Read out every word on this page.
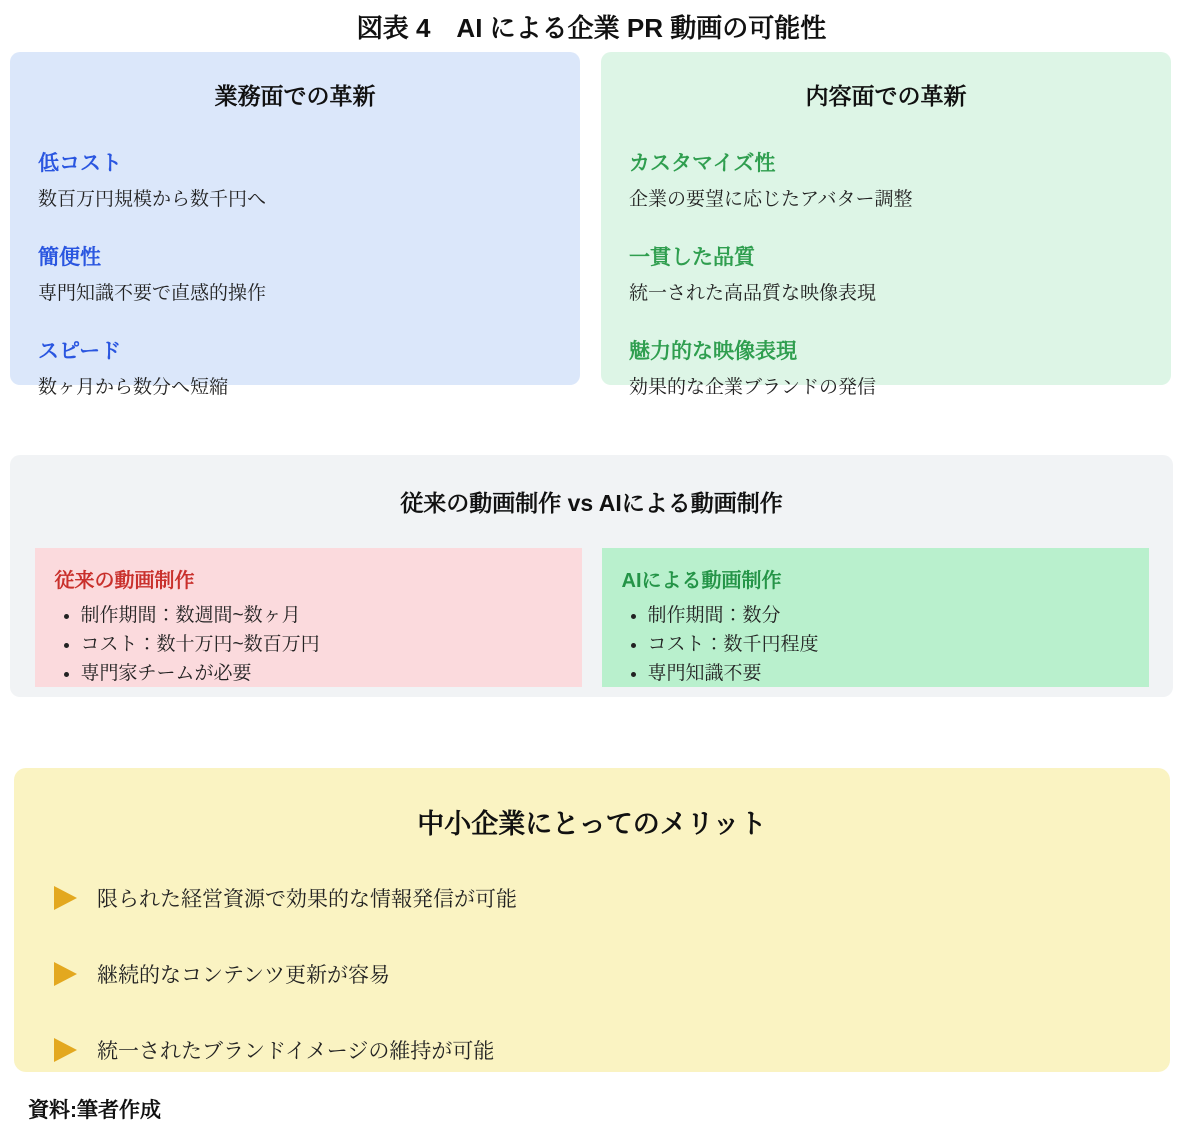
図表 4　AI による企業 PR 動画の可能性
業務面での革新
低コスト
数百万円規模から数千円へ
簡便性
専門知識不要で直感的操作
スピード
数ヶ月から数分へ短縮
内容面での革新
カスタマイズ性
企業の要望に応じたアバター調整
一貫した品質
統一された高品質な映像表現
魅力的な映像表現
効果的な企業ブランドの発信
従来の動画制作 vs AIによる動画制作
従来の動画制作
• 制作期間：数週間~数ヶ月
• コスト：数十万円~数百万円
• 専門家チームが必要
AIによる動画制作
• 制作期間：数分
• コスト：数千円程度
• 専門知識不要
中小企業にとってのメリット
限られた経営資源で効果的な情報発信が可能
継続的なコンテンツ更新が容易
統一されたブランドイメージの維持が可能
資料:筆者作成
